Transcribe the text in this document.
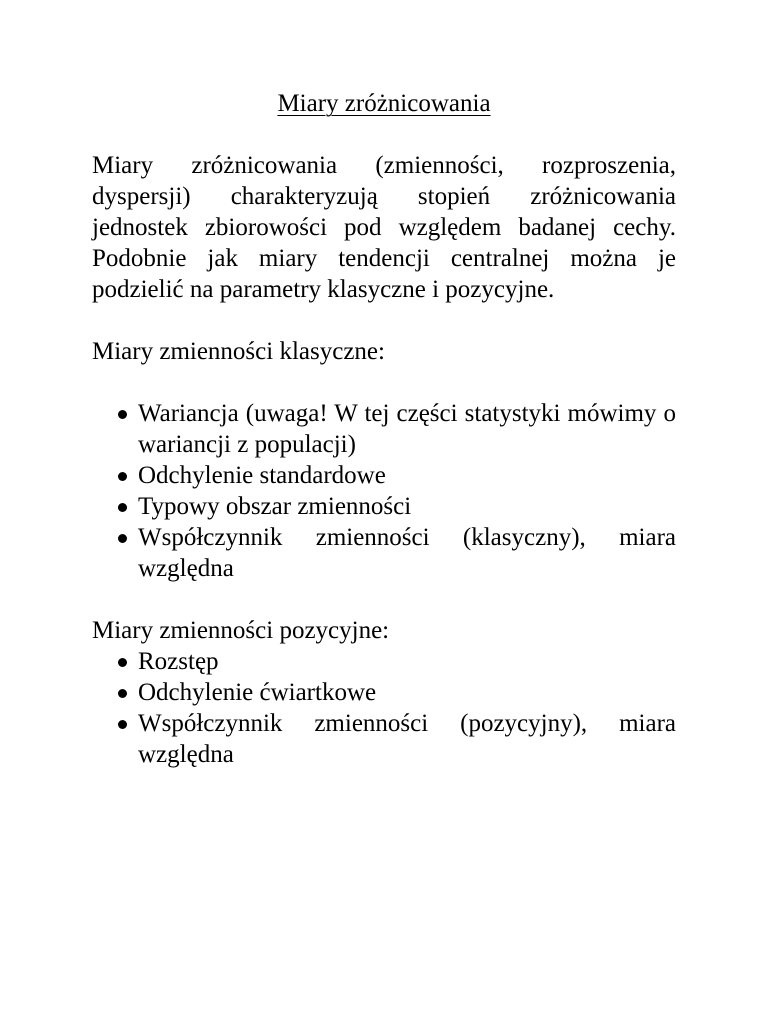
Miary zróżnicowania

Miary zróżnicowania (zmienności, rozproszenia, dyspersji) charakteryzują stopień zróżnicowania jednostek zbiorowości pod względem badanej cechy. Podobnie jak miary tendencji centralnej można je podzielić na parametry klasyczne i pozycyjne.

Miary zmienności klasyczne:

Wariancja (uwaga! W tej części statystyki mówimy o wariancji z populacji)
Odchylenie standardowe
Typowy obszar zmienności
Współczynnik zmienności (klasyczny), miara względna

Miary zmienności pozycyjne:

Rozstęp
Odchylenie ćwiartkowe
Współczynnik zmienności (pozycyjny), miara względna
